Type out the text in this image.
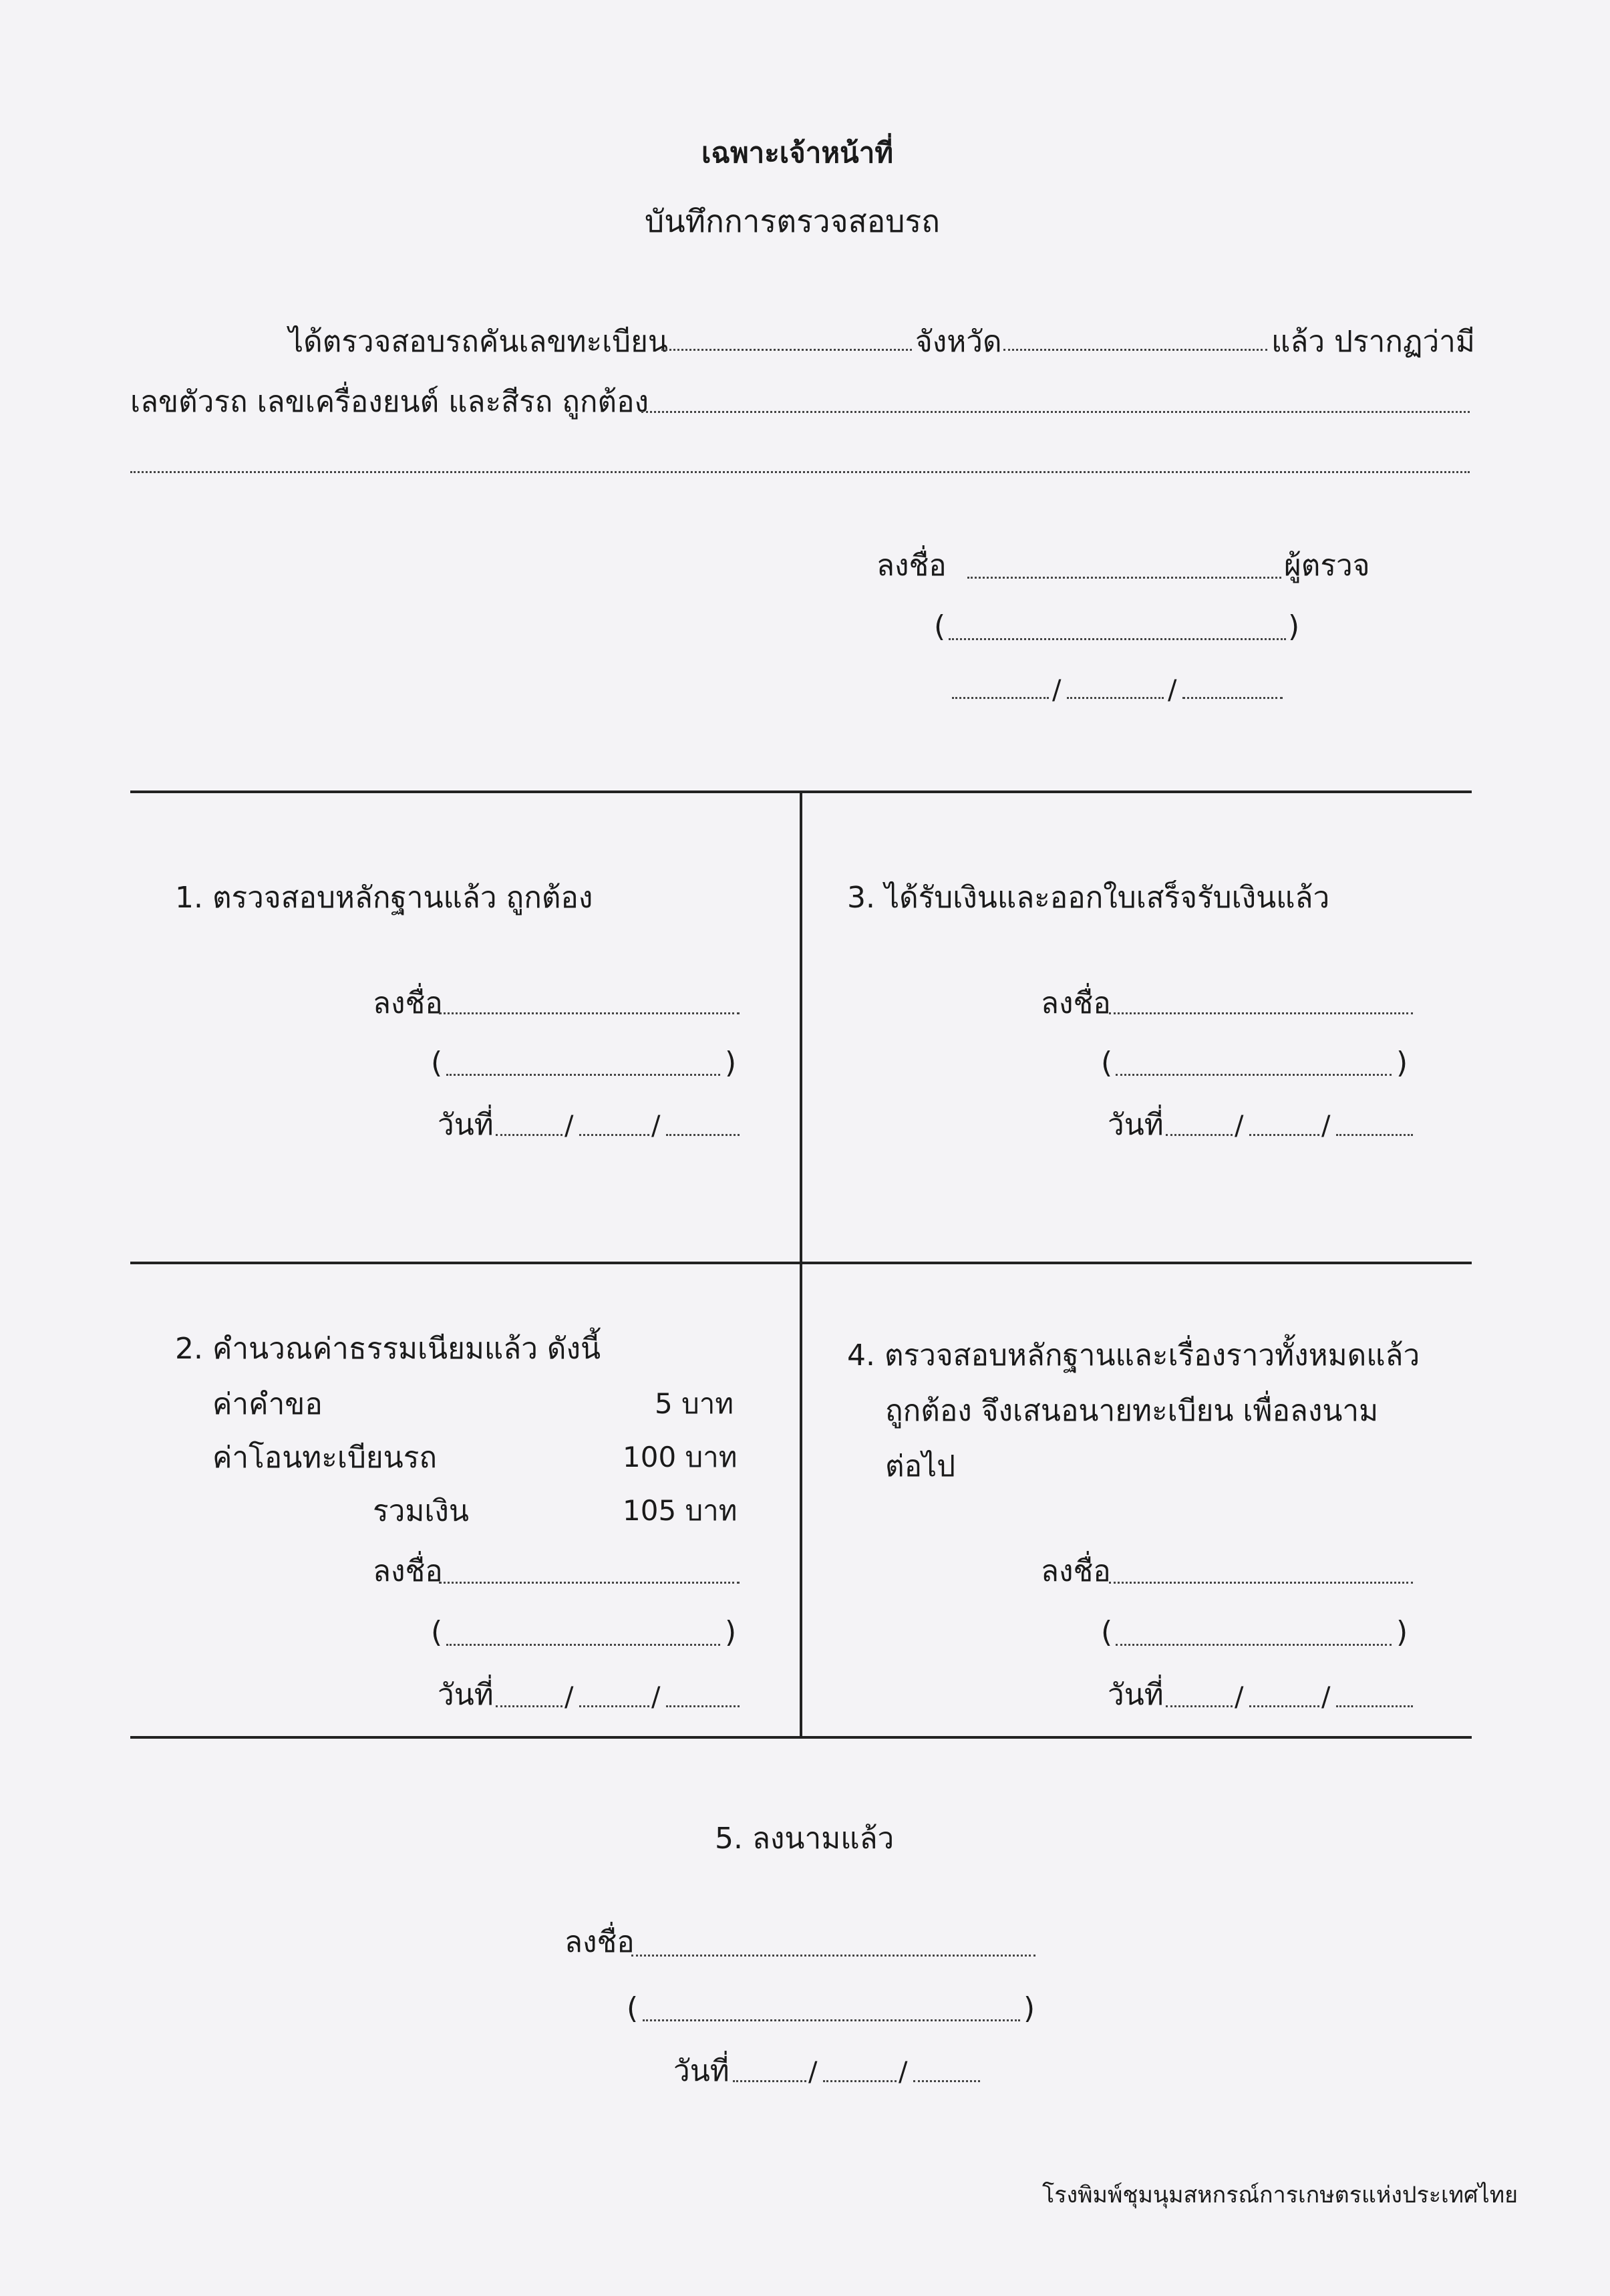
เฉพาะเจ้าหน้าที่
บันทึกการตรวจสอบรถ
ได้ตรวจสอบรถคันเลขทะเบียน	จังหวัด	แล้ว ปรากฏว่ามี
เลขตัวรถ เลขเครื่องยนต์ และสีรถ ถูกต้อง
ลงชื่อ	ผู้ตรวจ
(	)
/	/
1. ตรวจสอบหลักฐานแล้ว ถูกต้อง
ลงชื่อ
(	)
วันที่	/	/
3. ได้รับเงินและออกใบเสร็จรับเงินแล้ว
ลงชื่อ
(	)
วันที่	/	/
2. คำนวณค่าธรรมเนียมแล้ว ดังนี้
ค่าคำขอ	5 บาท
ค่าโอนทะเบียนรถ	100 บาท
รวมเงิน	105 บาท
ลงชื่อ
(	)
วันที่	/	/
4. ตรวจสอบหลักฐานและเรื่องราวทั้งหมดแล้ว
ถูกต้อง จึงเสนอนายทะเบียน เพื่อลงนาม
ต่อไป
ลงชื่อ
(	)
วันที่	/	/
5. ลงนามแล้ว
ลงชื่อ
(	)
วันที่	/	/
โรงพิมพ์ชุมนุมสหกรณ์การเกษตรแห่งประเทศไทย
